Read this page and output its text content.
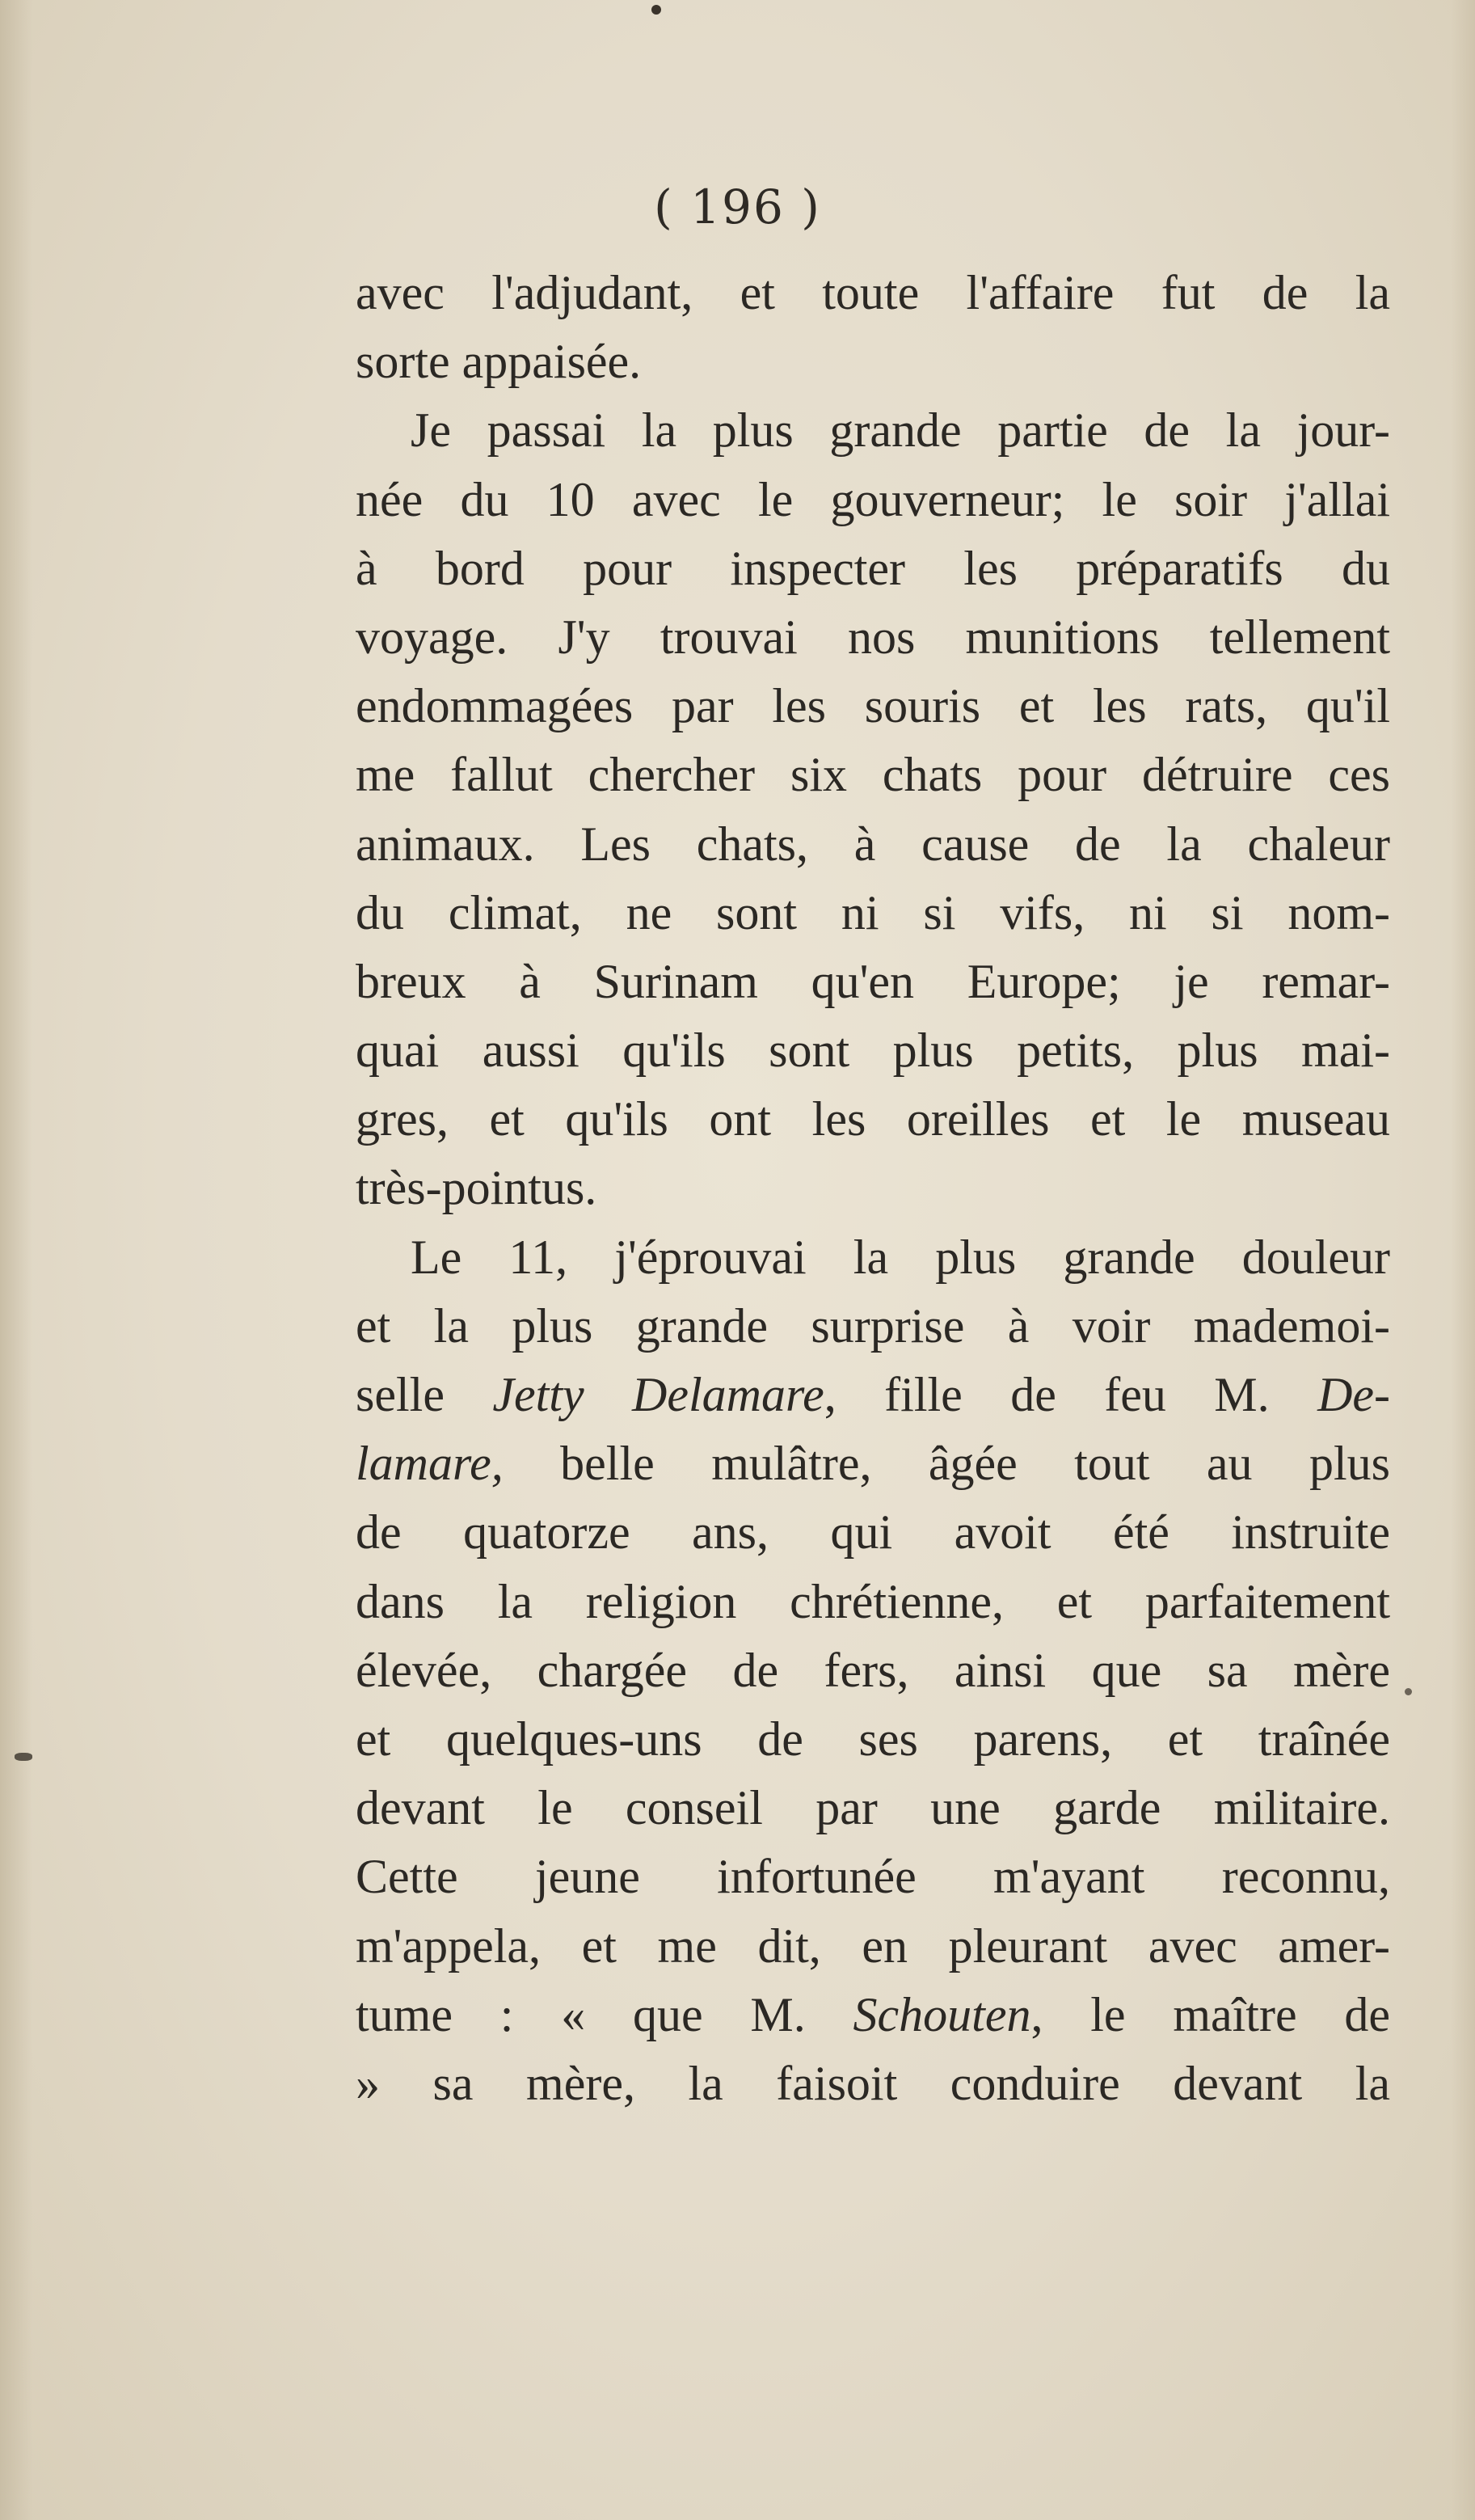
( 196 )
avec l'adjudant, et toute l'affaire fut de la
sorte appaisée.
Je passai la plus grande partie de la jour-
née du 10 avec le gouverneur; le soir j'allai
à bord pour inspecter les préparatifs du
voyage. J'y trouvai nos munitions tellement
endommagées par les souris et les rats, qu'il
me fallut chercher six chats pour détruire ces
animaux. Les chats, à cause de la chaleur
du climat, ne sont ni si vifs, ni si nom-
breux à Surinam qu'en Europe; je remar-
quai aussi qu'ils sont plus petits, plus mai-
gres, et qu'ils ont les oreilles et le museau
très-pointus.
Le 11, j'éprouvai la plus grande douleur
et la plus grande surprise à voir mademoi-
selle Jetty Delamare, fille de feu M. De-
lamare, belle mulâtre, âgée tout au plus
de quatorze ans, qui avoit été instruite
dans la religion chrétienne, et parfaitement
élevée, chargée de fers, ainsi que sa mère
et quelques-uns de ses parens, et traînée
devant le conseil par une garde militaire.
Cette jeune infortunée m'ayant reconnu,
m'appela, et me dit, en pleurant avec amer-
tume : « que M. Schouten, le maître de
» sa mère, la faisoit conduire devant la
